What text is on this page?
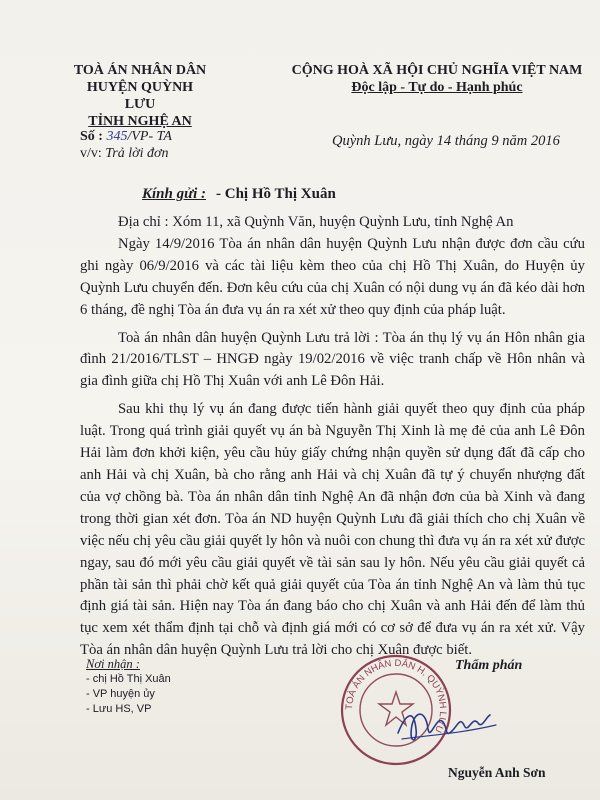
TOÀ ÁN NHÂN DÂN
HUYỆN QUỲNH LƯU
TỈNH NGHỆ AN
CỘNG HOÀ XÃ HỘI CHỦ NGHĨA VIỆT NAM
Độc lập - Tự do - Hạnh phúc
Số : 345/VP- TA
v/v: Trả lời đơn
Quỳnh Lưu, ngày 14 tháng 9 năm 2016
Kính gửi : - Chị Hồ Thị Xuân

Địa chỉ : Xóm 11, xã Quỳnh Văn, huyện Quỳnh Lưu, tỉnh Nghệ An

Ngày 14/9/2016 Tòa án nhân dân huyện Quỳnh Lưu nhận được đơn cầu cứu ghi ngày 06/9/2016 và các tài liệu kèm theo của chị Hồ Thị Xuân, do Huyện ủy Quỳnh Lưu chuyển đến. Đơn kêu cứu của chị Xuân có nội dung vụ án đã kéo dài hơn 6 tháng, đề nghị Tòa án đưa vụ án ra xét xử theo quy định của pháp luật.

Toà án nhân dân huyện Quỳnh Lưu trả lời : Tòa án thụ lý vụ án Hôn nhân gia đình 21/2016/TLST – HNGĐ ngày 19/02/2016 về việc tranh chấp về Hôn nhân và gia đình giữa chị Hồ Thị Xuân với anh Lê Đôn Hải.

Sau khi thụ lý vụ án đang được tiến hành giải quyết theo quy định của pháp luật. Trong quá trình giải quyết vụ án bà Nguyễn Thị Xinh là mẹ đẻ của anh Lê Đôn Hải làm đơn khởi kiện, yêu cầu hủy giấy chứng nhận quyền sử dụng đất đã cấp cho anh Hải và chị Xuân, bà cho rằng anh Hải và chị Xuân đã tự ý chuyển nhượng đất của vợ chồng bà. Tòa án nhân dân tỉnh Nghệ An đã nhận đơn của bà Xinh và đang trong thời gian xét đơn. Tòa án ND huyện Quỳnh Lưu đã giải thích cho chị Xuân về việc nếu chị yêu cầu giải quyết ly hôn và nuôi con chung thì đưa vụ án ra xét xử được ngay, sau đó mới yêu cầu giải quyết về tài sản sau ly hôn. Nếu yêu cầu giải quyết cả phần tài sản thì phải chờ kết quả giải quyết của Tòa án tỉnh Nghệ An và làm thủ tục định giá tài sản. Hiện nay Tòa án đang báo cho chị Xuân và anh Hải đến để làm thủ tục xem xét thẩm định tại chỗ và định giá mới có cơ sở để đưa vụ án ra xét xử. Vậy Tòa án nhân dân huyện Quỳnh Lưu trả lời cho chị Xuân được biết.

Nơi nhận :
- chị Hồ Thị Xuân
- VP huyện ủy
- Lưu HS, VP	TOÀ ÁN NHÂN DÂN H. QUỲNH LƯU
Thẩm phán
Nguyễn Anh Sơn
